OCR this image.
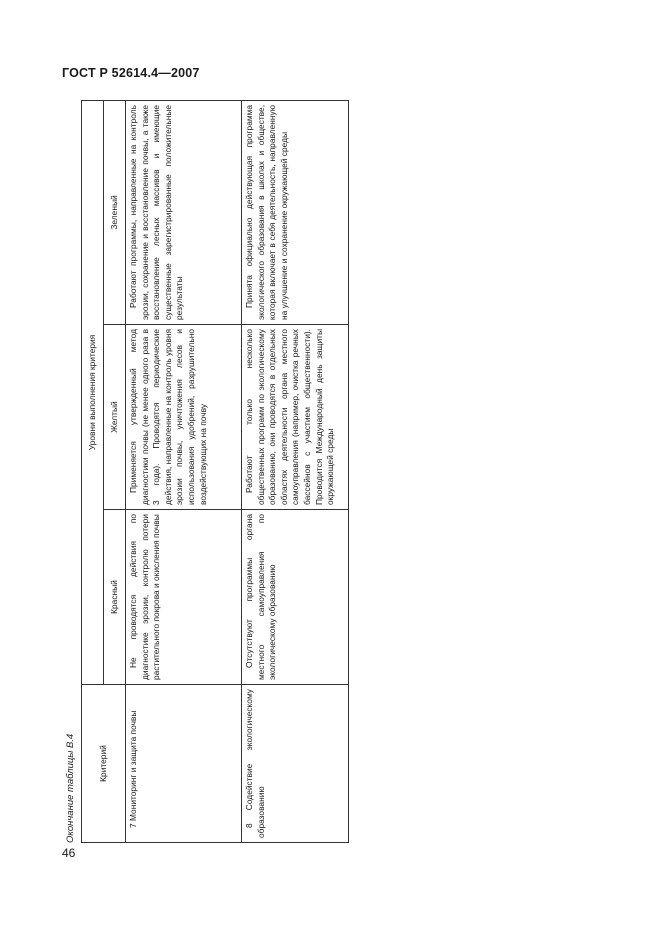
ГОСТ Р 52614.4—2007
Окончание таблицы В.4	Критерий	Уровни выполнения критерия		
	Красный	Желтый	Зеленый
7 Мониторинг и защита почвы	Не проводятся действия по диагностике эрозии, контролю потери растительного покрова и окисления почвы	Применяется утвержденный метод диагностики почвы (не менее одного раза в 3 года). Проводятся периодические действия, направленные на контроль уровня эрозии почвы, уничтожения лесов и использования удобрений, разрушительно воздействующих на почву	Работают программы, направленные на контроль эрозии, сохранение и восстановление почвы, а также восстановление лесных массивов и имеющие существенные зарегистрированные положительные результаты
8 Содействие экологическому образованию	Отсутствуют программы органа местного самоуправления по экологическому образованию	Работают только несколько общественных программ по экологическому образованию, они проводятся в отдельных областях деятельности органа местного самоуправления (например, очистка речных бассейнов с участием общественности). Проводится Международный день защиты окружающей среды	Принята официально действующая программа экологического образования в школах и обществе, которая включает в себя деятельность, направленную на улучшение и сохранение окружающей среды
46
